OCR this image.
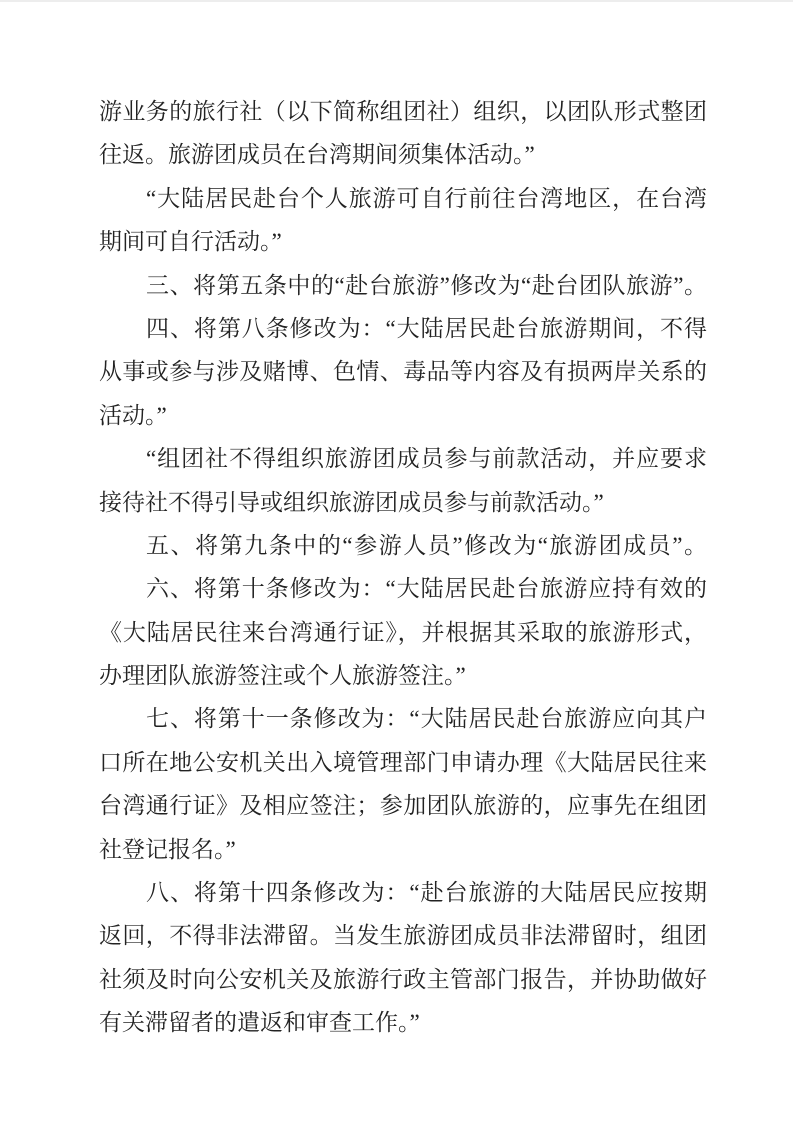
游业务的旅行社（以下简称组团社）组织，以团队形式整团
往返。旅游团成员在台湾期间须集体活动。”
“大陆居民赴台个人旅游可自行前往台湾地区，在台湾
期间可自行活动。”
三、将第五条中的“赴台旅游”修改为“赴台团队旅游”。
四、将第八条修改为：“大陆居民赴台旅游期间，不得
从事或参与涉及赌博、色情、毒品等内容及有损两岸关系的
活动。”
“组团社不得组织旅游团成员参与前款活动，并应要求
接待社不得引导或组织旅游团成员参与前款活动。”
五、将第九条中的“参游人员”修改为“旅游团成员”。
六、将第十条修改为：“大陆居民赴台旅游应持有效的
《大陆居民往来台湾通行证》，并根据其采取的旅游形式，
办理团队旅游签注或个人旅游签注。”
七、将第十一条修改为：“大陆居民赴台旅游应向其户
口所在地公安机关出入境管理部门申请办理《大陆居民往来
台湾通行证》及相应签注；参加团队旅游的，应事先在组团
社登记报名。”
八、将第十四条修改为：“赴台旅游的大陆居民应按期
返回，不得非法滞留。当发生旅游团成员非法滞留时，组团
社须及时向公安机关及旅游行政主管部门报告，并协助做好
有关滞留者的遣返和审查工作。”
